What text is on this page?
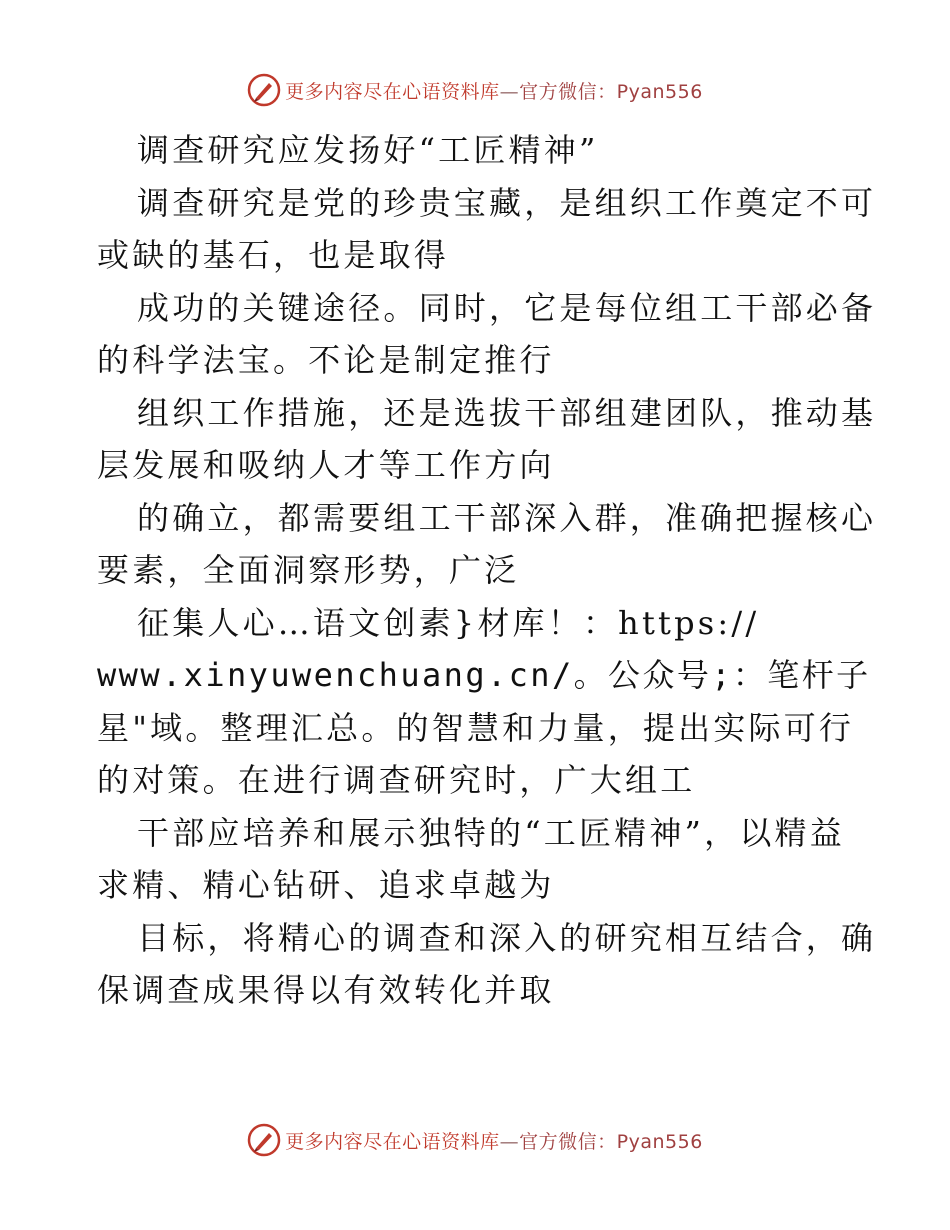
更多内容尽在心语资料库—官方微信：Pyan556
调查研究应发扬好“工匠精神”
调查研究是党的珍贵宝藏，是组织工作奠定不可
或缺的基石，也是取得
成功的关键途径。同时，它是每位组工干部必备
的科学法宝。不论是制定推行
组织工作措施，还是选拔干部组建团队，推动基
层发展和吸纳人才等工作方向
的确立，都需要组工干部深入群，准确把握核心
要素，全面洞察形势，广泛
征集人心…语文创素}材库！：https://
www.xinyuwenchuang.cn/。公众号;：笔杆子
星"域。整理汇总。的智慧和力量，提出实际可行
的对策。在进行调查研究时，广大组工
干部应培养和展示独特的“工匠精神”，以精益
求精、精心钻研、追求卓越为
目标，将精心的调查和深入的研究相互结合，确
保调查成果得以有效转化并取
更多内容尽在心语资料库—官方微信：Pyan556
